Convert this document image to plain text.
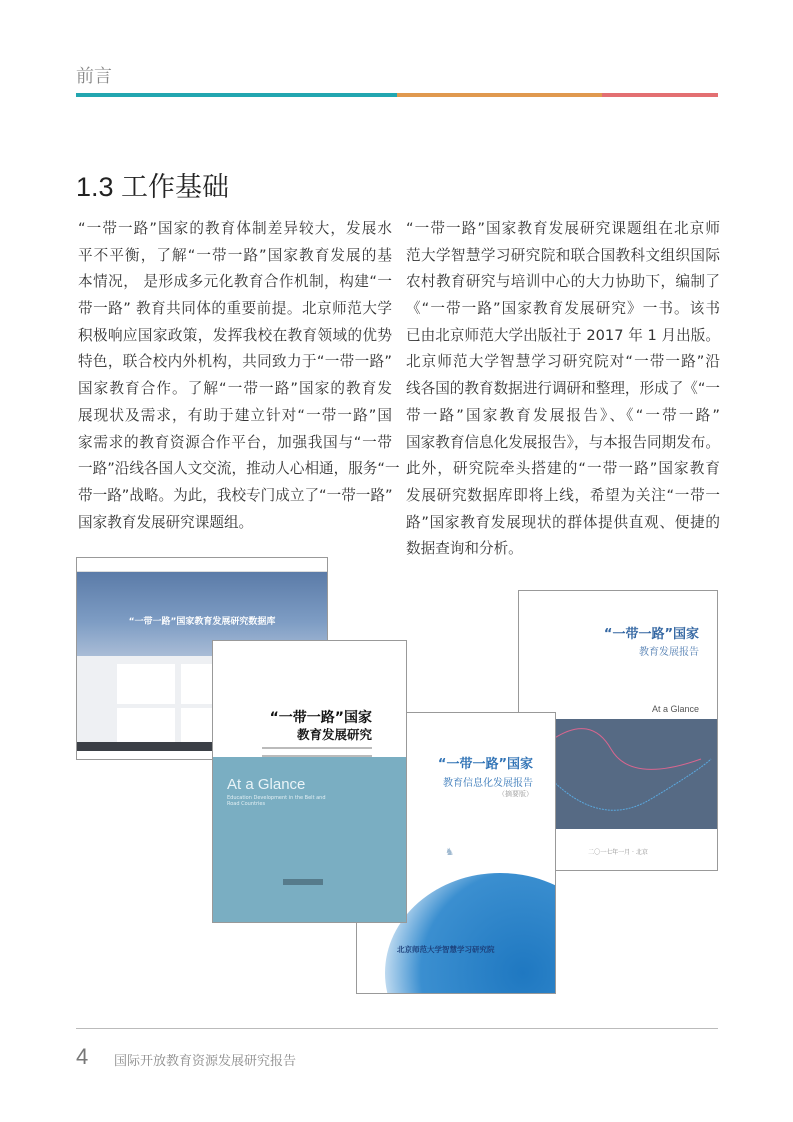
前言
1.3 工作基础
“一带一路”国家的教育体制差异较大，发展水
平不平衡，了解“一带一路”国家教育发展的基
本情况， 是形成多元化教育合作机制，构建“一
带一路” 教育共同体的重要前提。北京师范大学
积极响应国家政策，发挥我校在教育领域的优势
特色，联合校内外机构，共同致力于“一带一路”
国家教育合作。了解“一带一路”国家的教育发
展现状及需求，有助于建立针对“一带一路”国
家需求的教育资源合作平台，加强我国与“一带
一路”沿线各国人文交流，推动人心相通，服务“一
带一路”战略。为此，我校专门成立了“一带一路”
国家教育发展研究课题组。
“一带一路”国家教育发展研究课题组在北京师
范大学智慧学习研究院和联合国教科文组织国际
农村教育研究与培训中心的大力协助下，编制了
《“一带一路”国家教育发展研究》一书。该书
已由北京师范大学出版社于 2017 年 1 月出版。
北京师范大学智慧学习研究院对“一带一路”沿
线各国的教育数据进行调研和整理，形成了《“一
带一路”国家教育发展报告》、《“一带一路”
国家教育信息化发展报告》，与本报告同期发布。
此外，研究院牵头搭建的“一带一路”国家教育
发展研究数据库即将上线，希望为关注“一带一
路”国家教育发展现状的群体提供直观、便捷的
数据查询和分析。
“一带一路”国家教育发展研究数据库
“一带一路”国家
教育发展报告
At a Glance
二〇一七年一月 · 北京
“一带一路”国家
教育信息化发展报告
（摘要版）
♞
北京师范大学智慧学习研究院
“一带一路”国家
教育发展研究
At a Glance
Education Development in the Belt and Road Countries
4 国际开放教育资源发展研究报告
